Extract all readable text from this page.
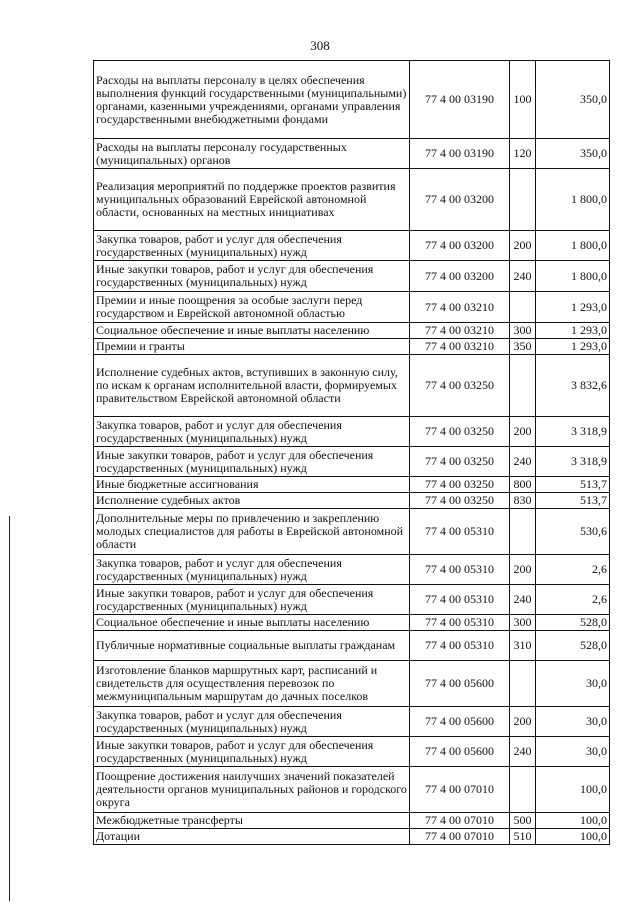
308
Расходы на выплаты персоналу в целях обеспечения выполнения функций государственными (муниципальными) органами, казенными учреждениями, органами управления государственными внебюджетными фондами	77 4 00 03190	100	350,0
Расходы на выплаты персоналу государственных (муниципальных) органов	77 4 00 03190	120	350,0
Реализация мероприятий по поддержке проектов развития муниципальных образований Еврейской автономной области, основанных на местных инициативах	77 4 00 03200		1 800,0
Закупка товаров, работ и услуг для обеспечения государственных (муниципальных) нужд	77 4 00 03200	200	1 800,0
Иные закупки товаров, работ и услуг для обеспечения государственных (муниципальных) нужд	77 4 00 03200	240	1 800,0
Премии и иные поощрения за особые заслуги перед государством и Еврейской автономной областью	77 4 00 03210		1 293,0
Социальное обеспечение и иные выплаты населению	77 4 00 03210	300	1 293,0
Премии и гранты	77 4 00 03210	350	1 293,0
Исполнение судебных актов, вступивших в законную силу, по искам к органам исполнительной власти, формируемых правительством Еврейской автономной области	77 4 00 03250		3 832,6
Закупка товаров, работ и услуг для обеспечения государственных (муниципальных) нужд	77 4 00 03250	200	3 318,9
Иные закупки товаров, работ и услуг для обеспечения государственных (муниципальных) нужд	77 4 00 03250	240	3 318,9
Иные бюджетные ассигнования	77 4 00 03250	800	513,7
Исполнение судебных актов	77 4 00 03250	830	513,7
Дополнительные меры по привлечению и закреплению молодых специалистов для работы в Еврейской автономной области	77 4 00 05310		530,6
Закупка товаров, работ и услуг для обеспечения государственных (муниципальных) нужд	77 4 00 05310	200	2,6
Иные закупки товаров, работ и услуг для обеспечения государственных (муниципальных) нужд	77 4 00 05310	240	2,6
Социальное обеспечение и иные выплаты населению	77 4 00 05310	300	528,0
Публичные нормативные социальные выплаты гражданам	77 4 00 05310	310	528,0
Изготовление бланков маршрутных карт, расписаний и свидетельств для осуществления перевозок по межмуниципальным маршрутам до дачных поселков	77 4 00 05600		30,0
Закупка товаров, работ и услуг для обеспечения государственных (муниципальных) нужд	77 4 00 05600	200	30,0
Иные закупки товаров, работ и услуг для обеспечения государственных (муниципальных) нужд	77 4 00 05600	240	30,0
Поощрение достижения наилучших значений показателей деятельности органов муниципальных районов и городского округа	77 4 00 07010		100,0
Межбюджетные трансферты	77 4 00 07010	500	100,0
Дотации	77 4 00 07010	510	100,0
